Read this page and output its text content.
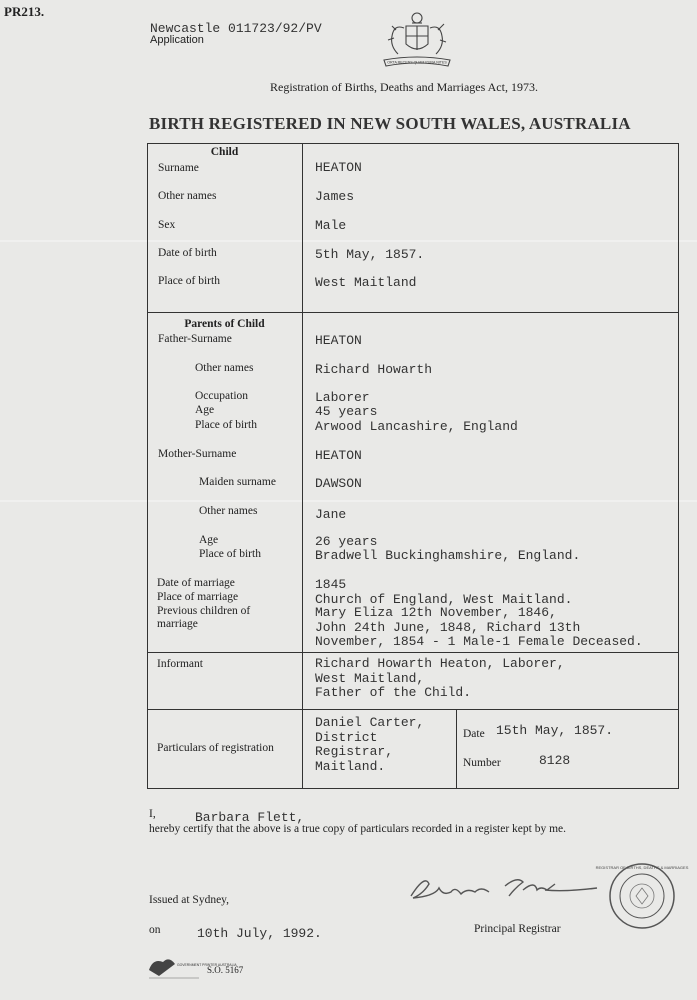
PR213.
Newcastle 011723/92/PV
Application
ORTA RECENS QUAM PURA NITES
Registration of Births, Deaths and Marriages Act, 1973.
BIRTH REGISTERED IN NEW SOUTH WALES, AUSTRALIA
Child
Surname	HEATON
Other names	James
Sex	Male
Date of birth	5th May, 1857.
Place of birth	West Maitland
Parents of Child
Father-Surname	HEATON
Other names	Richard Howarth
Occupation	Laborer
Age	45 years
Place of birth	Arwood Lancashire, England
Mother-Surname	HEATON
Maiden surname	DAWSON
Other names	Jane
Age	26 years
Place of birth	Bradwell Buckinghamshire, England.
Date of marriage	1845
Place of marriage	Church of England, West Maitland.
Previous children of
marriage
Mary Eliza 12th November, 1846,
John 24th June, 1848, Richard 13th
November, 1854 - 1 Male-1 Female Deceased.
Informant	Richard Howarth Heaton, Laborer,
West Maitland,
Father of the Child.
Particulars of registration
Daniel Carter,
District
Registrar,
Maitland.
Date 15th May, 1857.
Number	8128
I,	Barbara Flett,
hereby certify that the above is a true copy of particulars recorded in a register kept by me.
Issued at Sydney,
on	10th July, 1992.	Principal Registrar
REGISTRAR OF BIRTHS, DEATHS & MARRIAGES
GOVERNMENT PRINTER AUSTRALIA
S.O. 5167
